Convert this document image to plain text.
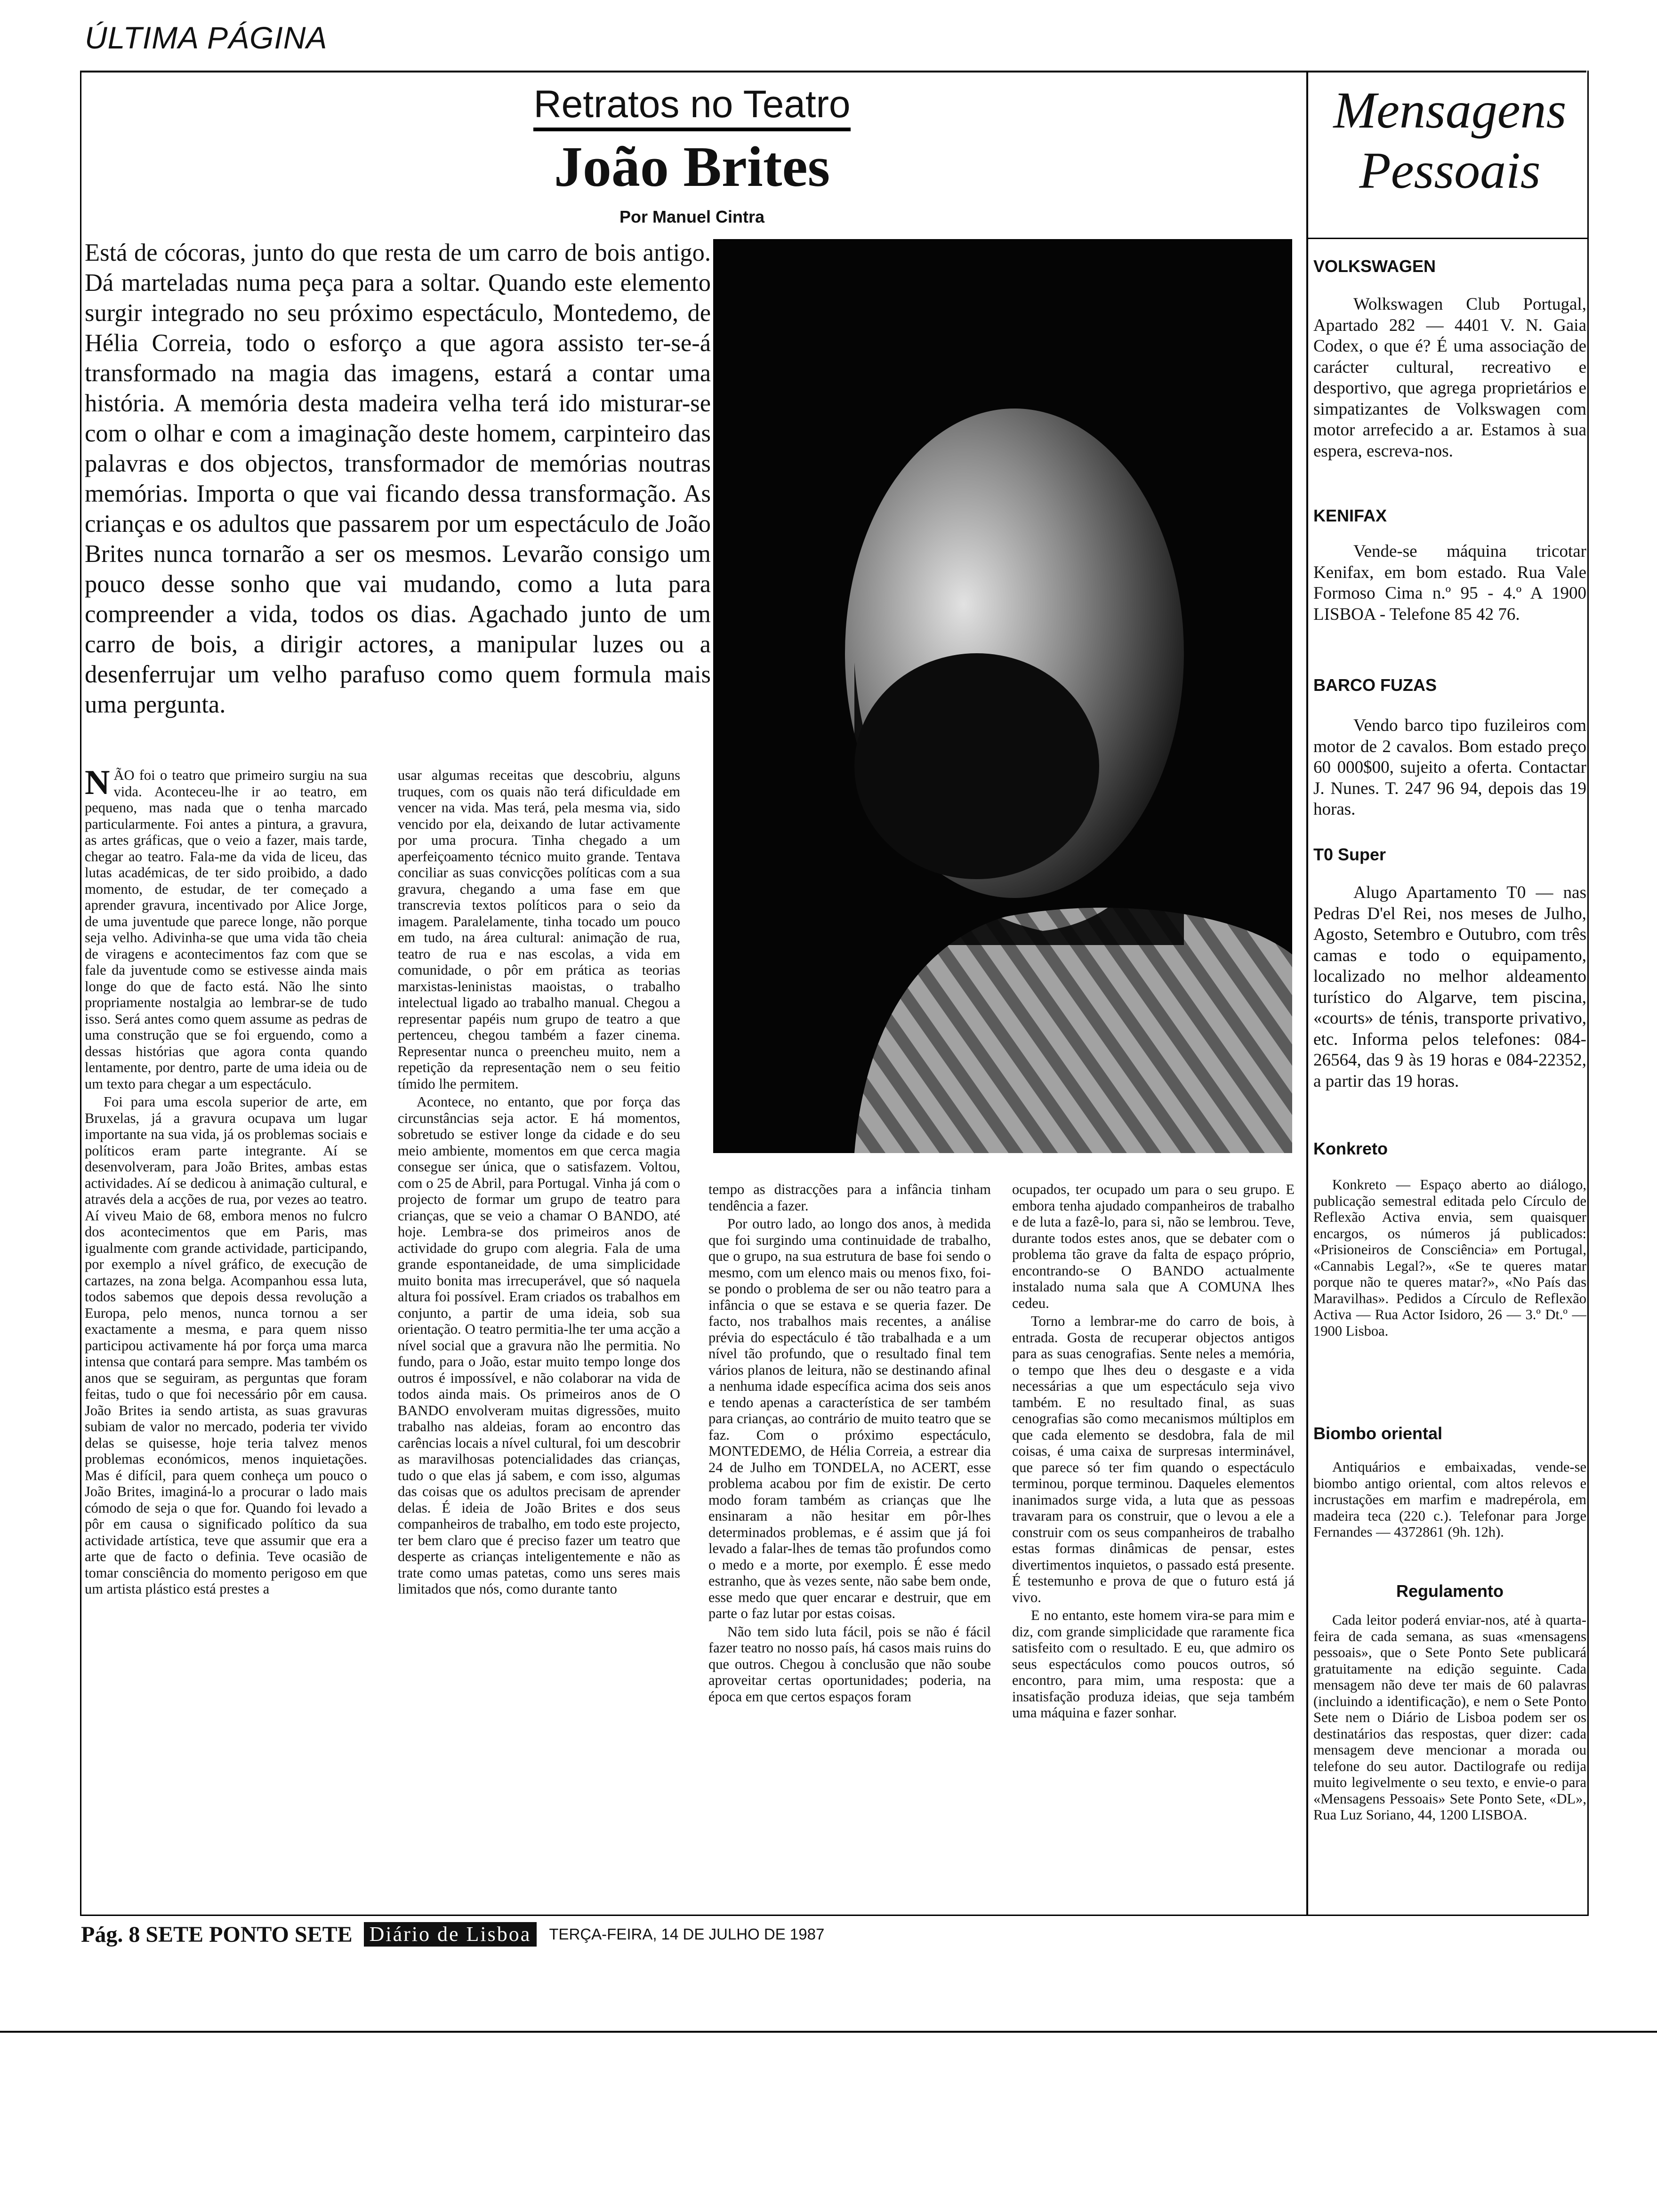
ÚLTIMA PÁGINA
Retratos no Teatro
João Brites
Por Manuel Cintra
Está de cócoras, junto do que resta de um carro de bois antigo. Dá marteladas numa peça para a soltar. Quando este elemento surgir integrado no seu próximo espectáculo, Montedemo, de Hélia Correia, todo o esforço a que agora assisto ter-se-á transformado na magia das imagens, estará a contar uma história. A memória desta madeira velha terá ido misturar-se com o olhar e com a imaginação deste homem, carpinteiro das palavras e dos objectos, transformador de memórias noutras memórias. Importa o que vai ficando dessa transformação. As crianças e os adultos que passarem por um espectáculo de João Brites nunca tornarão a ser os mesmos. Levarão consigo um pouco desse sonho que vai mudando, como a luta para compreender a vida, todos os dias. Agachado junto de um carro de bois, a dirigir actores, a manipular luzes ou a desenferrujar um velho parafuso como quem formula mais uma pergunta.

NÃO foi o teatro que primeiro surgiu na sua vida. Aconteceu-lhe ir ao teatro, em pequeno, mas nada que o tenha marcado particularmente. Foi antes a pintura, a gravura, as artes gráficas, que o veio a fazer, mais tarde, chegar ao teatro. Fala-me da vida de liceu, das lutas académicas, de ter sido proibido, a dado momento, de estudar, de ter começado a aprender gravura, incentivado por Alice Jorge, de uma juventude que parece longe, não porque seja velho. Adivinha-se que uma vida tão cheia de viragens e acontecimentos faz com que se fale da juventude como se estivesse ainda mais longe do que de facto está. Não lhe sinto propriamente nostalgia ao lembrar-se de tudo isso. Será antes como quem assume as pedras de uma construção que se foi erguendo, como a dessas histórias que agora conta quando lentamente, por dentro, parte de uma ideia ou de um texto para chegar a um espectáculo.

Foi para uma escola superior de arte, em Bruxelas, já a gravura ocupava um lugar importante na sua vida, já os problemas sociais e políticos eram parte integrante. Aí se desenvolveram, para João Brites, ambas estas actividades. Aí se dedicou à animação cultural, e através dela a acções de rua, por vezes ao teatro. Aí viveu Maio de 68, embora menos no fulcro dos acontecimentos que em Paris, mas igualmente com grande actividade, participando, por exemplo a nível gráfico, de execução de cartazes, na zona belga. Acompanhou essa luta, todos sabemos que depois dessa revolução a Europa, pelo menos, nunca tornou a ser exactamente a mesma, e para quem nisso participou activamente há por força uma marca intensa que contará para sempre. Mas também os anos que se seguiram, as perguntas que foram feitas, tudo o que foi necessário pôr em causa. João Brites ia sendo artista, as suas gravuras subiam de valor no mercado, poderia ter vivido delas se quisesse, hoje teria talvez menos problemas económicos, menos inquietações. Mas é difícil, para quem conheça um pouco o João Brites, imaginá-lo a procurar o lado mais cómodo de seja o que for. Quando foi levado a pôr em causa o significado político da sua actividade artística, teve que assumir que era a arte que de facto o definia. Teve ocasião de tomar consciência do momento perigoso em que um artista plástico está prestes a

usar algumas receitas que descobriu, alguns truques, com os quais não terá dificuldade em vencer na vida. Mas terá, pela mesma via, sido vencido por ela, deixando de lutar activamente por uma procura. Tinha chegado a um aperfeiçoamento técnico muito grande. Tentava conciliar as suas convicções políticas com a sua gravura, chegando a uma fase em que transcrevia textos políticos para o seio da imagem. Paralelamente, tinha tocado um pouco em tudo, na área cultural: animação de rua, teatro de rua e nas escolas, a vida em comunidade, o pôr em prática as teorias marxistas-leninistas maoistas, o trabalho intelectual ligado ao trabalho manual. Chegou a representar papéis num grupo de teatro a que pertenceu, chegou também a fazer cinema. Representar nunca o preencheu muito, nem a repetição da representação nem o seu feitio tímido lhe permitem.

Acontece, no entanto, que por força das circunstâncias seja actor. E há momentos, sobretudo se estiver longe da cidade e do seu meio ambiente, momentos em que cerca magia consegue ser única, que o satisfazem. Voltou, com o 25 de Abril, para Portugal. Vinha já com o projecto de formar um grupo de teatro para crianças, que se veio a chamar O BANDO, até hoje. Lembra-se dos primeiros anos de actividade do grupo com alegria. Fala de uma grande espontaneidade, de uma simplicidade muito bonita mas irrecuperável, que só naquela altura foi possível. Eram criados os trabalhos em conjunto, a partir de uma ideia, sob sua orientação. O teatro permitia-lhe ter uma acção a nível social que a gravura não lhe permitia. No fundo, para o João, estar muito tempo longe dos outros é impossível, e não colaborar na vida de todos ainda mais. Os primeiros anos de O BANDO envolveram muitas digressões, muito trabalho nas aldeias, foram ao encontro das carências locais a nível cultural, foi um descobrir as maravilhosas potencialidades das crianças, tudo o que elas já sabem, e com isso, algumas das coisas que os adultos precisam de aprender delas. É ideia de João Brites e dos seus companheiros de trabalho, em todo este projecto, ter bem claro que é preciso fazer um teatro que desperte as crianças inteligentemente e não as trate como umas patetas, como uns seres mais limitados que nós, como durante tanto

tempo as distracções para a infância tinham tendência a fazer.

Por outro lado, ao longo dos anos, à medida que foi surgindo uma continuidade de trabalho, que o grupo, na sua estrutura de base foi sendo o mesmo, com um elenco mais ou menos fixo, foi-se pondo o problema de ser ou não teatro para a infância o que se estava e se queria fazer. De facto, nos trabalhos mais recentes, a análise prévia do espectáculo é tão trabalhada e a um nível tão profundo, que o resultado final tem vários planos de leitura, não se destinando afinal a nenhuma idade específica acima dos seis anos e tendo apenas a característica de ser também para crianças, ao contrário de muito teatro que se faz. Com o próximo espectáculo, MONTEDEMO, de Hélia Correia, a estrear dia 24 de Julho em TONDELA, no ACERT, esse problema acabou por fim de existir. De certo modo foram também as crianças que lhe ensinaram a não hesitar em pôr-lhes determinados problemas, e é assim que já foi levado a falar-lhes de temas tão profundos como o medo e a morte, por exemplo. É esse medo estranho, que às vezes sente, não sabe bem onde, esse medo que quer encarar e destruir, que em parte o faz lutar por estas coisas.

Não tem sido luta fácil, pois se não é fácil fazer teatro no nosso país, há casos mais ruins do que outros. Chegou à conclusão que não soube aproveitar certas oportunidades; poderia, na época em que certos espaços foram

ocupados, ter ocupado um para o seu grupo. E embora tenha ajudado companheiros de trabalho e de luta a fazê-lo, para si, não se lembrou. Teve, durante todos estes anos, que se debater com o problema tão grave da falta de espaço próprio, encontrando-se O BANDO actualmente instalado numa sala que A COMUNA lhes cedeu.

Torno a lembrar-me do carro de bois, à entrada. Gosta de recuperar objectos antigos para as suas cenografias. Sente neles a memória, o tempo que lhes deu o desgaste e a vida necessárias a que um espectáculo seja vivo também. E no resultado final, as suas cenografias são como mecanismos múltiplos em que cada elemento se desdobra, fala de mil coisas, é uma caixa de surpresas interminável, que parece só ter fim quando o espectáculo terminou, porque terminou. Daqueles elementos inanimados surge vida, a luta que as pessoas travaram para os construir, que o levou a ele a construir com os seus companheiros de trabalho estas formas dinâmicas de pensar, estes divertimentos inquietos, o passado está presente. É testemunho e prova de que o futuro está já vivo.

E no entanto, este homem vira-se para mim e diz, com grande simplicidade que raramente fica satisfeito com o resultado. E eu, que admiro os seus espectáculos como poucos outros, só encontro, para mim, uma resposta: que a insatisfação produza ideias, que seja também uma máquina e fazer sonhar.

Mensagens
Pessoais
VOLKSWAGEN

Wolkswagen Club Portugal, Apartado 282 — 4401 V. N. Gaia Codex, o que é? É uma associação de carácter cultural, recreativo e desportivo, que agrega proprietários e simpatizantes de Volkswagen com motor arrefecido a ar. Estamos à sua espera, escreva-nos.

KENIFAX

Vende-se máquina tricotar Kenifax, em bom estado. Rua Vale Formoso Cima n.º 95 - 4.º A 1900 LISBOA - Telefone 85 42 76.

BARCO FUZAS

Vendo barco tipo fuzileiros com motor de 2 cavalos. Bom estado preço 60 000$00, sujeito a oferta. Contactar J. Nunes. T. 247 96 94, depois das 19 horas.

T0 Super

Alugo Apartamento T0 — nas Pedras D'el Rei, nos meses de Julho, Agosto, Setembro e Outubro, com três camas e todo o equipamento, localizado no melhor aldeamento turístico do Algarve, tem piscina, «courts» de ténis, transporte privativo, etc. Informa pelos telefones: 084-26564, das 9 às 19 horas e 084-22352, a partir das 19 horas.

Konkreto

Konkreto — Espaço aberto ao diálogo, publicação semestral editada pelo Círculo de Reflexão Activa envia, sem quaisquer encargos, os números já publicados: «Prisioneiros de Consciência» em Portugal, «Cannabis Legal?», «Se te queres matar porque não te queres matar?», «No País das Maravilhas». Pedidos a Círculo de Reflexão Activa — Rua Actor Isidoro, 26 — 3.º Dt.º — 1900 Lisboa.

Biombo oriental

Antiquários e embaixadas, vende-se biombo antigo oriental, com altos relevos e incrustações em marfim e madrepérola, em madeira teca (220 c.). Telefonar para Jorge Fernandes — 4372861 (9h. 12h).

Regulamento

Cada leitor poderá enviar-nos, até à quarta-feira de cada semana, as suas «mensagens pessoais», que o Sete Ponto Sete publicará gratuitamente na edição seguinte. Cada mensagem não deve ter mais de 60 palavras (incluindo a identificação), e nem o Sete Ponto Sete nem o Diário de Lisboa podem ser os destinatários das respostas, quer dizer: cada mensagem deve mencionar a morada ou telefone do seu autor. Dactilografe ou redija muito legivelmente o seu texto, e envie-o para «Mensagens Pessoais» Sete Ponto Sete, «DL», Rua Luz Soriano, 44, 1200 LISBOA.

Pág. 8 SETE PONTO SETE Diário de Lisboa	TERÇA-FEIRA, 14 DE JULHO DE 1987
